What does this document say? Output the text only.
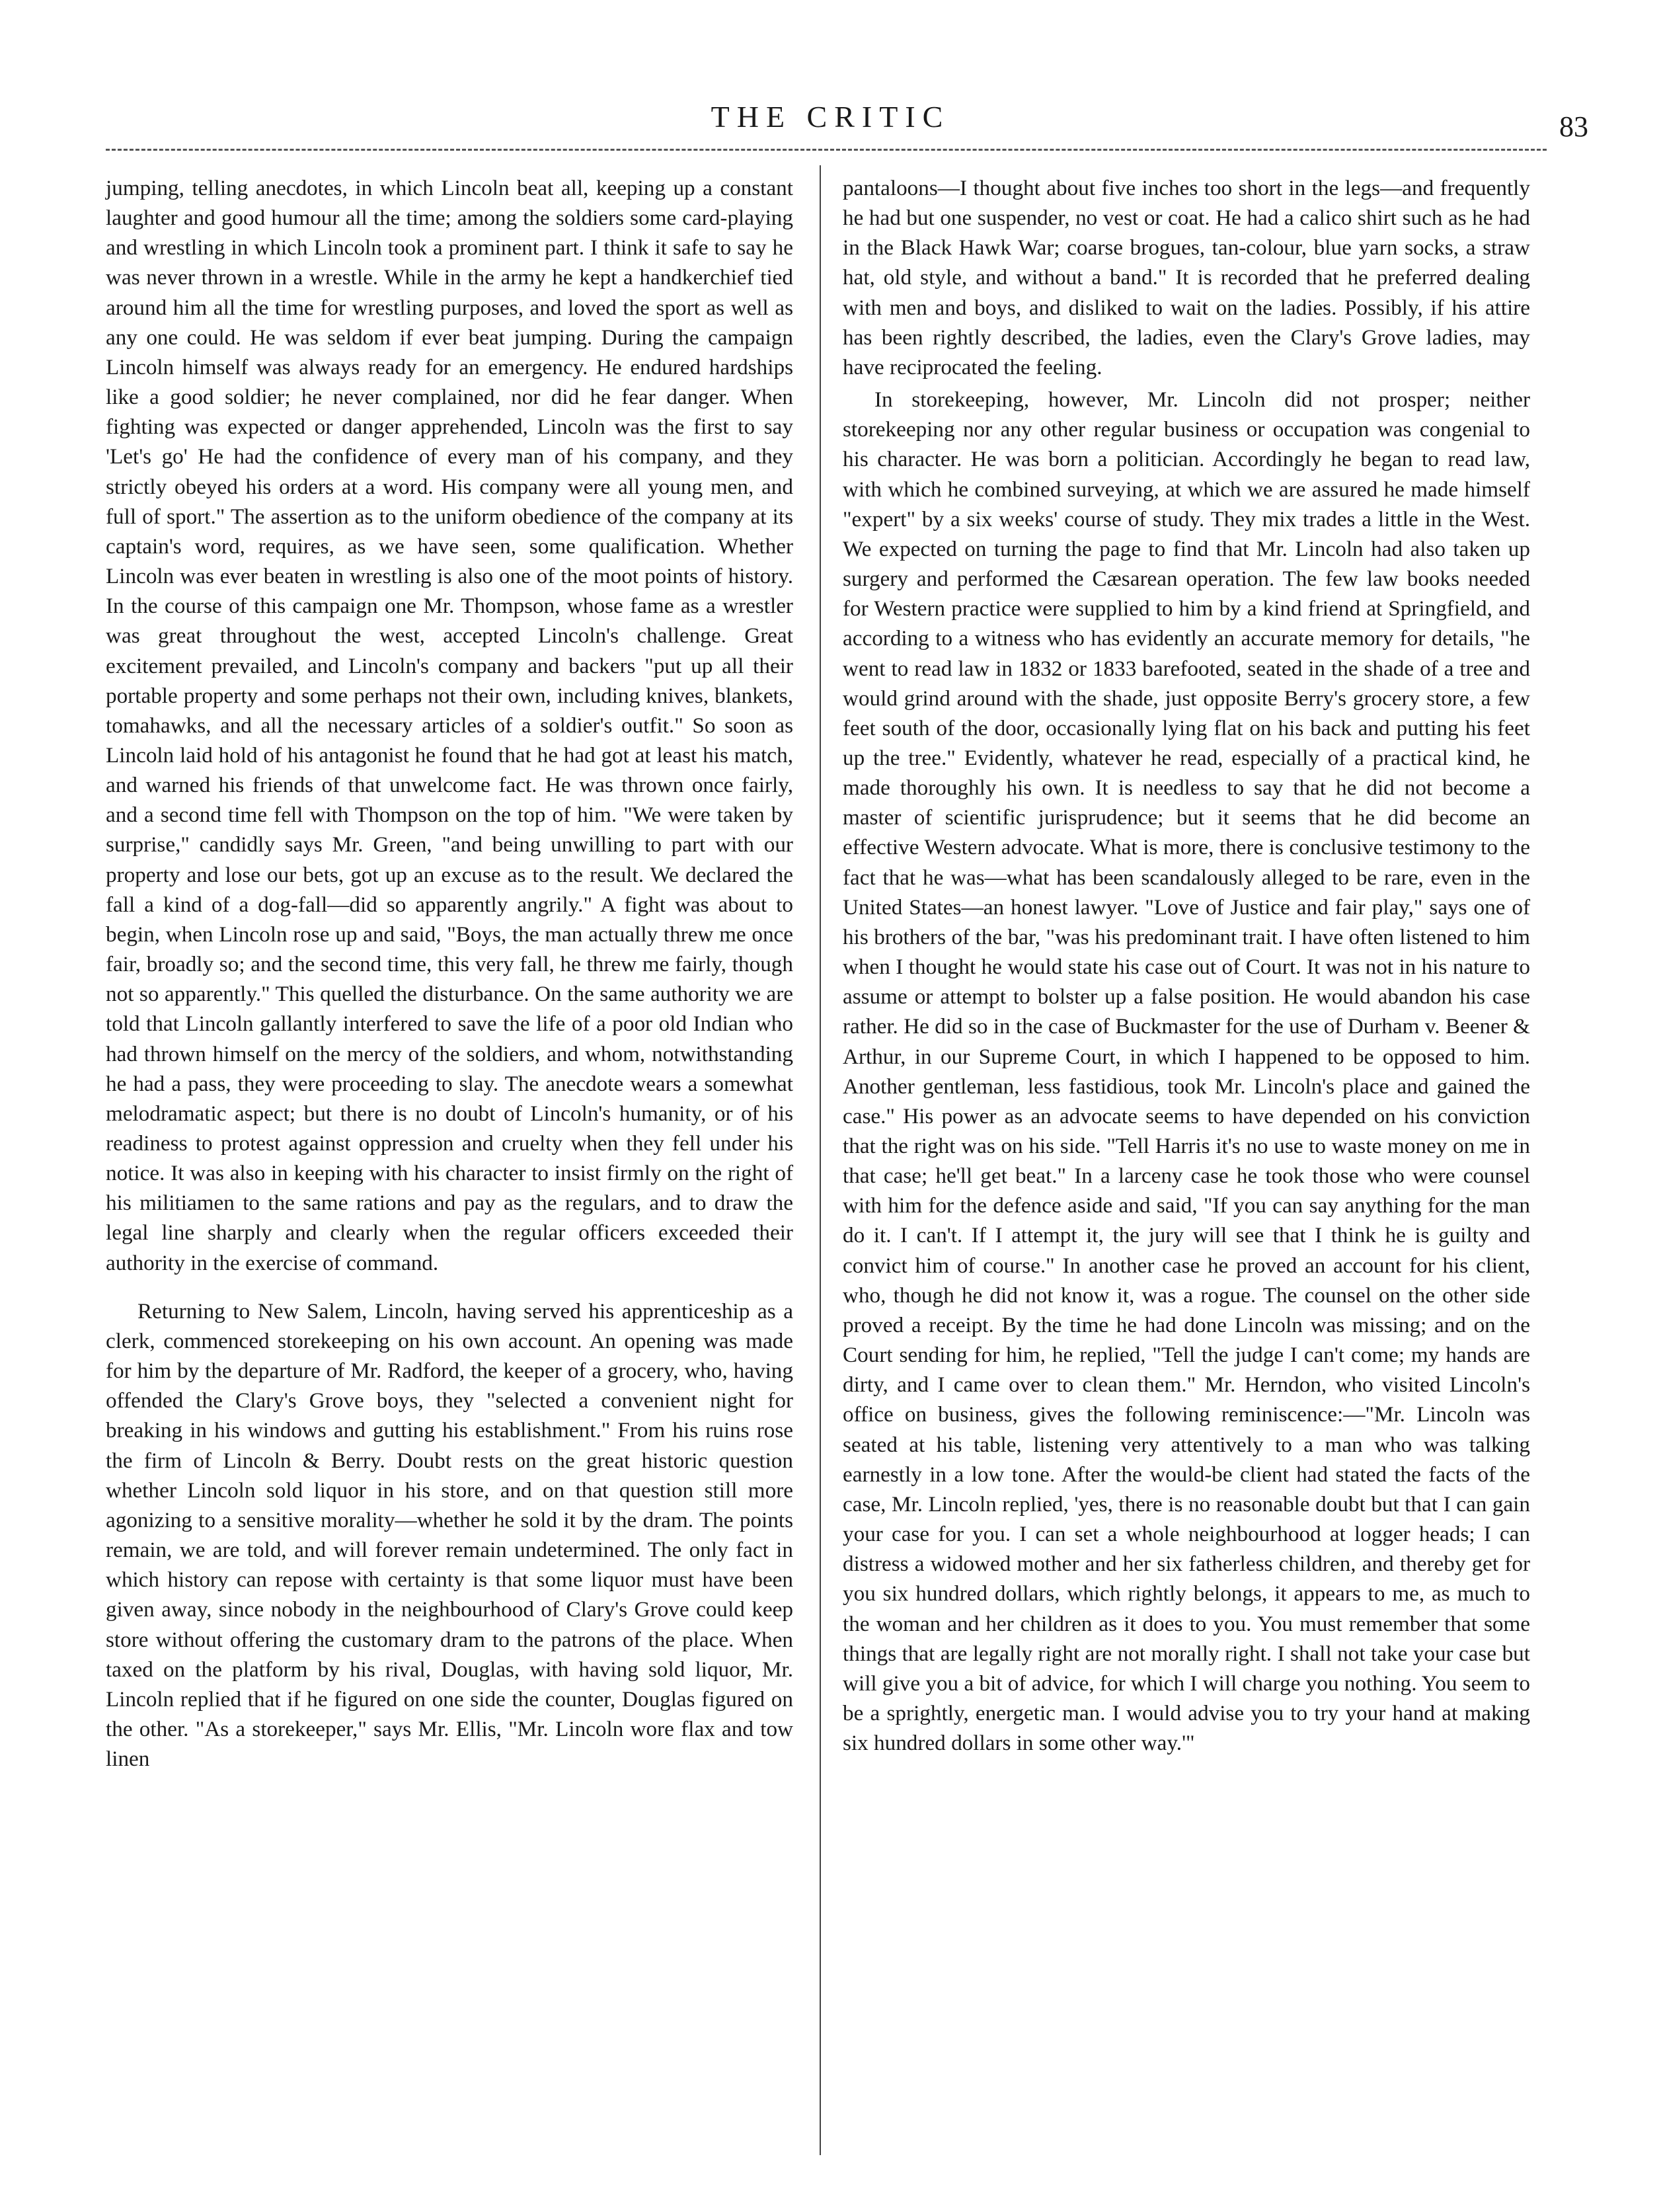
THE CRITIC	83

jumping, telling anecdotes, in which Lincoln beat all, keeping up a constant laughter and good humour all the time; among the soldiers some card-playing and wrestling in which Lincoln took a prominent part. I think it safe to say he was never thrown in a wrestle. While in the army he kept a handkerchief tied around him all the time for wrestling purposes, and loved the sport as well as any one could. He was seldom if ever beat jumping. During the campaign Lincoln himself was always ready for an emergency. He endured hardships like a good soldier; he never complained, nor did he fear danger. When fighting was expected or danger apprehended, Lincoln was the first to say 'Let's go' He had the confidence of every man of his company, and they strictly obeyed his orders at a word. His company were all young men, and full of sport." The assertion as to the uniform obedience of the company at its captain's word, requires, as we have seen, some qualification. Whether Lincoln was ever beaten in wrestling is also one of the moot points of history. In the course of this campaign one Mr. Thompson, whose fame as a wrestler was great throughout the west, accepted Lincoln's challenge. Great excitement prevailed, and Lincoln's company and backers "put up all their portable property and some perhaps not their own, including knives, blankets, tomahawks, and all the necessary articles of a soldier's outfit." So soon as Lincoln laid hold of his antagonist he found that he had got at least his match, and warned his friends of that unwelcome fact. He was thrown once fairly, and a second time fell with Thompson on the top of him. "We were taken by surprise," candidly says Mr. Green, "and being unwilling to part with our property and lose our bets, got up an excuse as to the result. We declared the fall a kind of a dog-fall—did so apparently angrily." A fight was about to begin, when Lincoln rose up and said, "Boys, the man actually threw me once fair, broadly so; and the second time, this very fall, he threw me fairly, though not so apparently." This quelled the disturbance. On the same authority we are told that Lincoln gallantly interfered to save the life of a poor old Indian who had thrown himself on the mercy of the soldiers, and whom, notwithstanding he had a pass, they were proceeding to slay. The anecdote wears a somewhat melodramatic aspect; but there is no doubt of Lincoln's humanity, or of his readiness to protest against oppression and cruelty when they fell under his notice. It was also in keeping with his character to insist firmly on the right of his militiamen to the same rations and pay as the regulars, and to draw the legal line sharply and clearly when the regular officers exceeded their authority in the exercise of command.

Returning to New Salem, Lincoln, having served his apprenticeship as a clerk, commenced storekeeping on his own account. An opening was made for him by the departure of Mr. Radford, the keeper of a grocery, who, having offended the Clary's Grove boys, they "selected a convenient night for breaking in his windows and gutting his establishment." From his ruins rose the firm of Lincoln & Berry. Doubt rests on the great historic question whether Lincoln sold liquor in his store, and on that question still more agonizing to a sensitive morality—whether he sold it by the dram. The points remain, we are told, and will forever remain undetermined. The only fact in which history can repose with certainty is that some liquor must have been given away, since nobody in the neighbourhood of Clary's Grove could keep store without offering the customary dram to the patrons of the place. When taxed on the platform by his rival, Douglas, with having sold liquor, Mr. Lincoln replied that if he figured on one side the counter, Douglas figured on the other. "As a storekeeper," says Mr. Ellis, "Mr. Lincoln wore flax and tow linen

pantaloons—I thought about five inches too short in the legs—and frequently he had but one suspender, no vest or coat. He had a calico shirt such as he had in the Black Hawk War; coarse brogues, tan-colour, blue yarn socks, a straw hat, old style, and without a band." It is recorded that he preferred dealing with men and boys, and disliked to wait on the ladies. Possibly, if his attire has been rightly described, the ladies, even the Clary's Grove ladies, may have reciprocated the feeling.

In storekeeping, however, Mr. Lincoln did not prosper; neither storekeeping nor any other regular business or occupation was congenial to his character. He was born a politician. Accordingly he began to read law, with which he combined surveying, at which we are assured he made himself "expert" by a six weeks' course of study. They mix trades a little in the West. We expected on turning the page to find that Mr. Lincoln had also taken up surgery and performed the Cæsarean operation. The few law books needed for Western practice were supplied to him by a kind friend at Springfield, and according to a witness who has evidently an accurate memory for details, "he went to read law in 1832 or 1833 barefooted, seated in the shade of a tree and would grind around with the shade, just opposite Berry's grocery store, a few feet south of the door, occasionally lying flat on his back and putting his feet up the tree." Evidently, whatever he read, especially of a practical kind, he made thoroughly his own. It is needless to say that he did not become a master of scientific jurisprudence; but it seems that he did become an effective Western advocate. What is more, there is conclusive testimony to the fact that he was—what has been scandalously alleged to be rare, even in the United States—an honest lawyer. "Love of Justice and fair play," says one of his brothers of the bar, "was his predominant trait. I have often listened to him when I thought he would state his case out of Court. It was not in his nature to assume or attempt to bolster up a false position. He would abandon his case rather. He did so in the case of Buckmaster for the use of Durham v. Beener & Arthur, in our Supreme Court, in which I happened to be opposed to him. Another gentleman, less fastidious, took Mr. Lincoln's place and gained the case." His power as an advocate seems to have depended on his conviction that the right was on his side. "Tell Harris it's no use to waste money on me in that case; he'll get beat." In a larceny case he took those who were counsel with him for the defence aside and said, "If you can say anything for the man do it. I can't. If I attempt it, the jury will see that I think he is guilty and convict him of course." In another case he proved an account for his client, who, though he did not know it, was a rogue. The counsel on the other side proved a receipt. By the time he had done Lincoln was missing; and on the Court sending for him, he replied, "Tell the judge I can't come; my hands are dirty, and I came over to clean them." Mr. Herndon, who visited Lincoln's office on business, gives the following reminiscence:—"Mr. Lincoln was seated at his table, listening very attentively to a man who was talking earnestly in a low tone. After the would-be client had stated the facts of the case, Mr. Lincoln replied, 'yes, there is no reasonable doubt but that I can gain your case for you. I can set a whole neighbourhood at logger heads; I can distress a widowed mother and her six fatherless children, and thereby get for you six hundred dollars, which rightly belongs, it appears to me, as much to the woman and her children as it does to you. You must remember that some things that are legally right are not morally right. I shall not take your case but will give you a bit of advice, for which I will charge you nothing. You seem to be a sprightly, energetic man. I would advise you to try your hand at making six hundred dollars in some other way.'"
